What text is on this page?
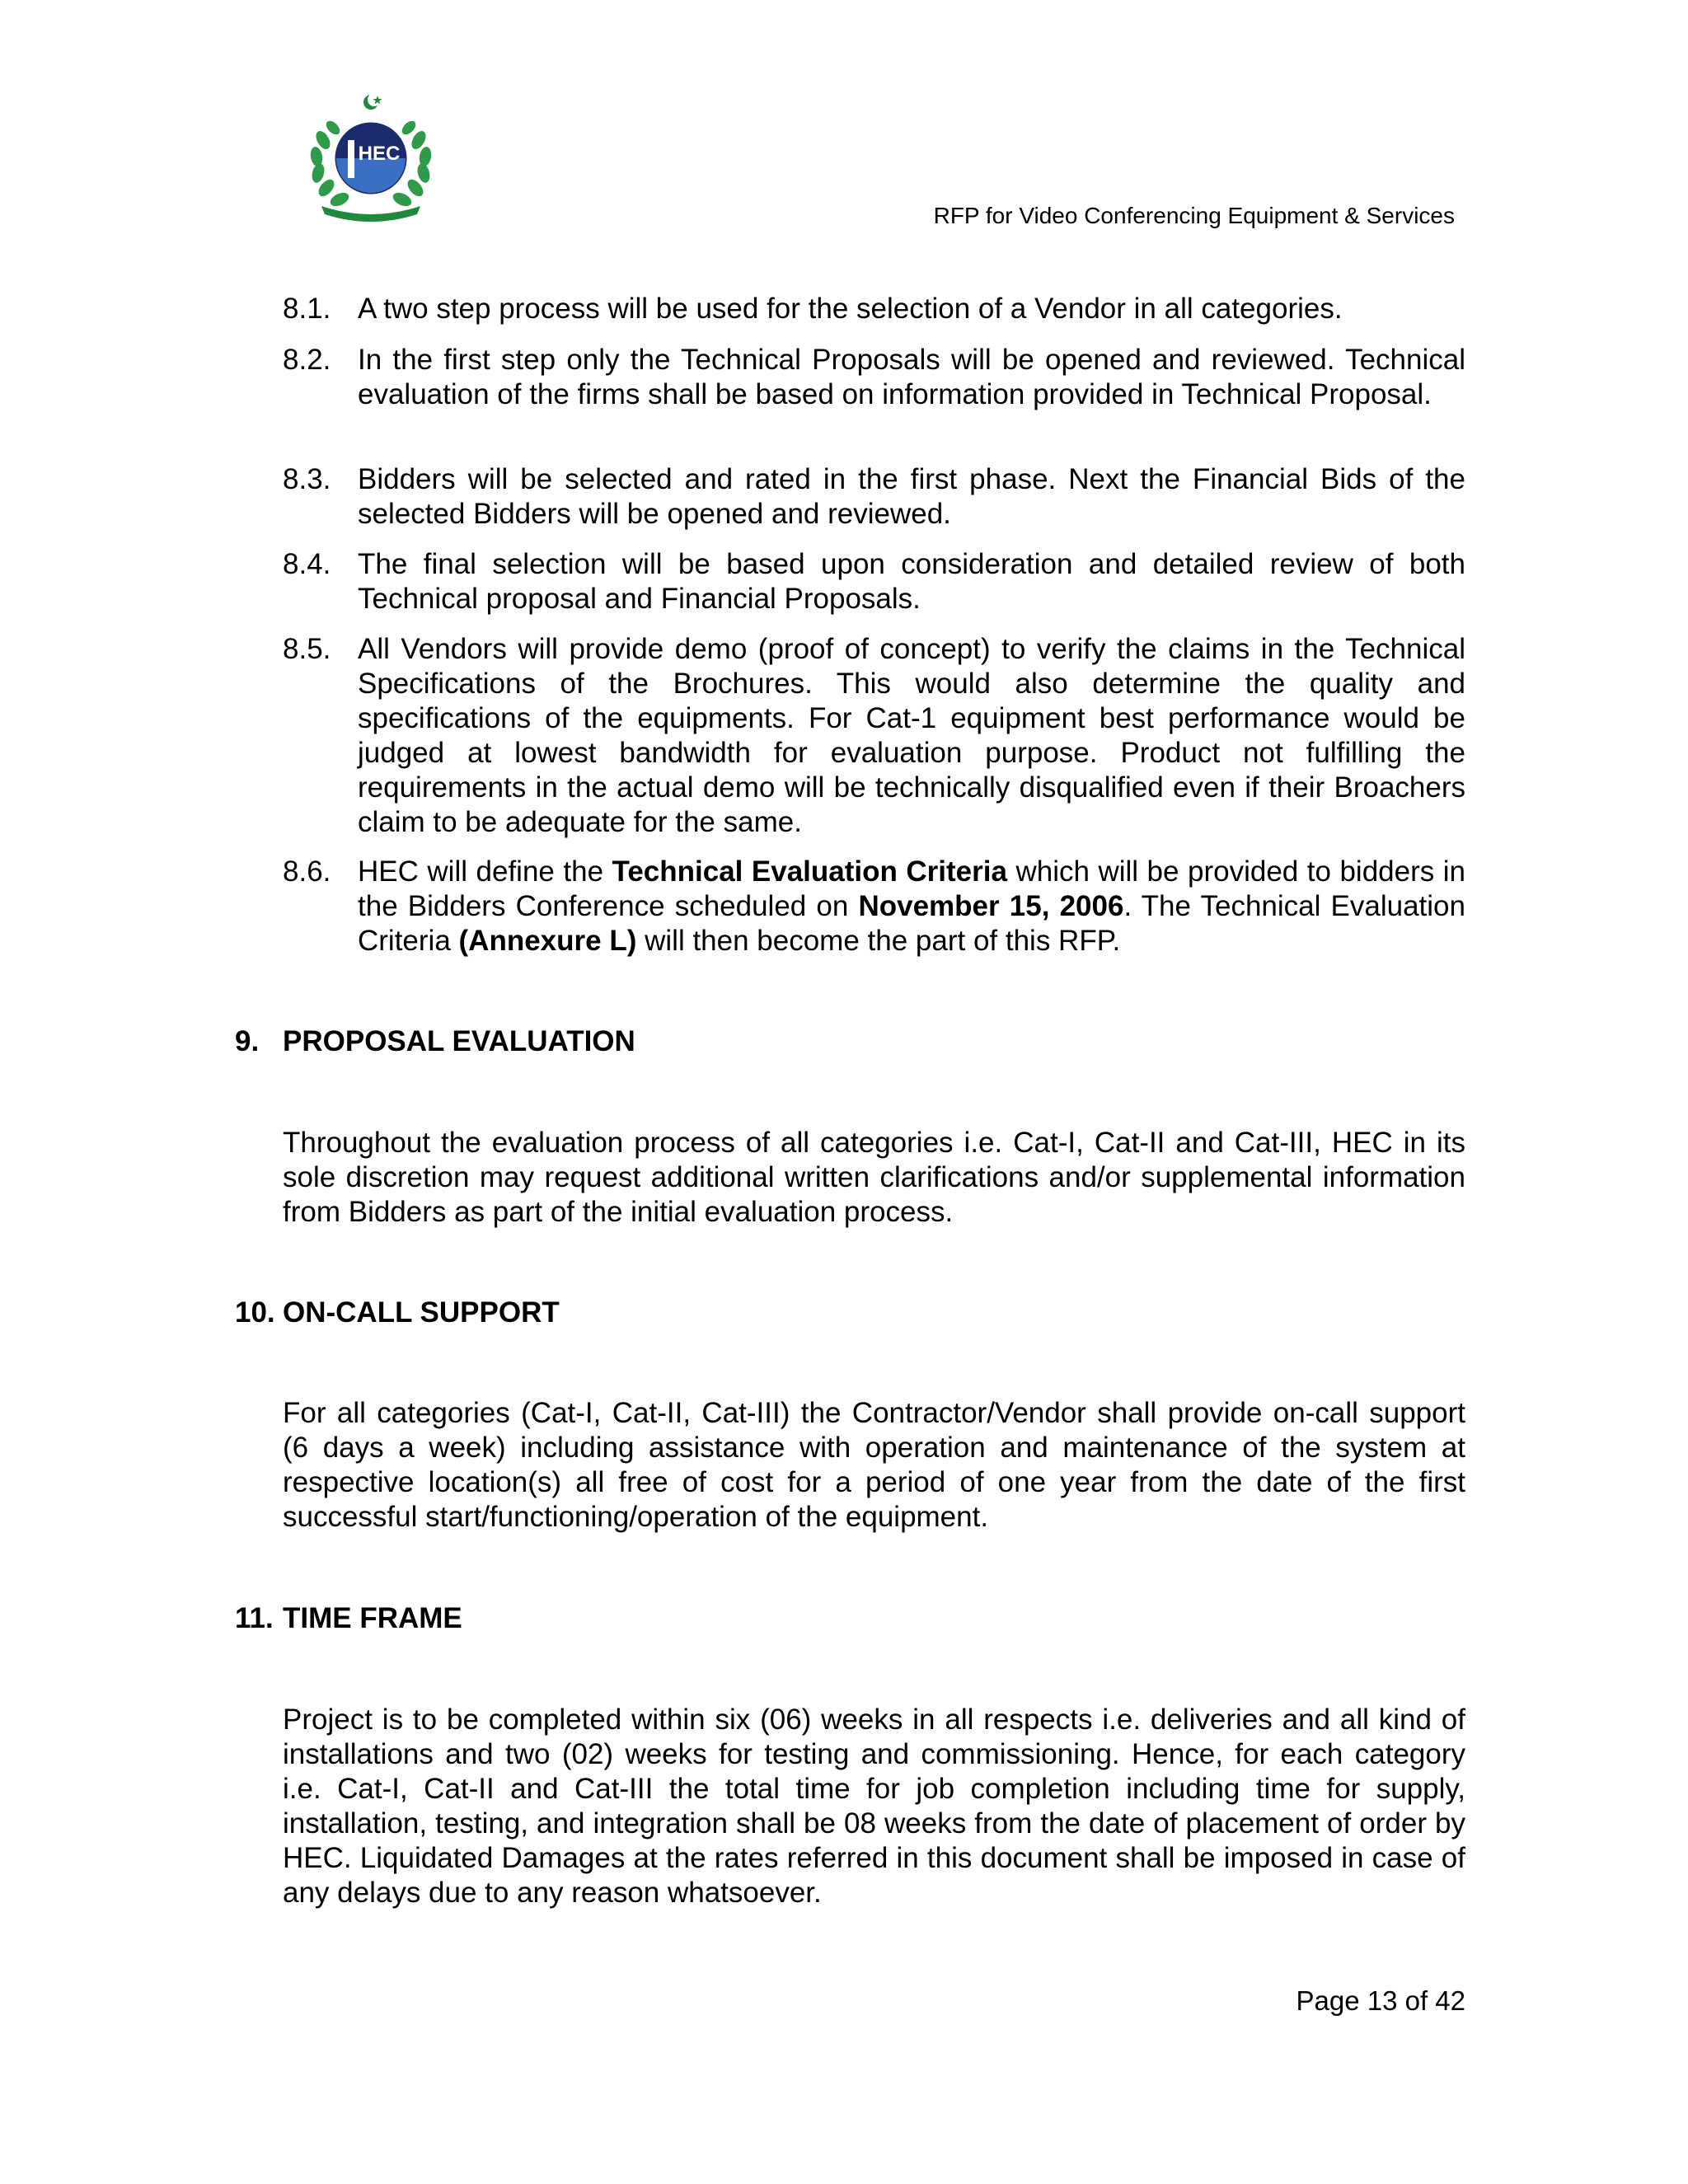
HEC
RFP for Video Conferencing Equipment & Services
8.1. A two step process will be used for the selection of a Vendor in all categories.
8.2. In the first step only the Technical Proposals will be opened and reviewed. Technical evaluation of the firms shall be based on information provided in Technical Proposal.
8.3. Bidders will be selected and rated in the first phase. Next the Financial Bids of the selected Bidders will be opened and reviewed.
8.4. The final selection will be based upon consideration and detailed review of both Technical proposal and Financial Proposals.
8.5. All Vendors will provide demo (proof of concept) to verify the claims in the Technical Specifications of the Brochures. This would also determine the quality and specifications of the equipments. For Cat-1 equipment best performance would be judged at lowest bandwidth for evaluation purpose. Product not fulfilling the requirements in the actual demo will be technically disqualified even if their Broachers claim to be adequate for the same.
8.6. HEC will define the Technical Evaluation Criteria which will be provided to bidders in the Bidders Conference scheduled on November 15, 2006. The Technical Evaluation Criteria (Annexure L) will then become the part of this RFP.
9. PROPOSAL EVALUATION
Throughout the evaluation process of all categories i.e. Cat-I, Cat-II and Cat-III, HEC in its sole discretion may request additional written clarifications and/or supplemental information from Bidders as part of the initial evaluation process.
10. ON-CALL SUPPORT
For all categories (Cat-I, Cat-II, Cat-III) the Contractor/Vendor shall provide on-call support (6 days a week) including assistance with operation and maintenance of the system at respective location(s) all free of cost for a period of one year from the date of the first successful start/functioning/operation of the equipment.
11. TIME FRAME
Project is to be completed within six (06) weeks in all respects i.e. deliveries and all kind of installations and two (02) weeks for testing and commissioning. Hence, for each category i.e. Cat-I, Cat-II and Cat-III the total time for job completion including time for supply, installation, testing, and integration shall be 08 weeks from the date of placement of order by HEC. Liquidated Damages at the rates referred in this document shall be imposed in case of any delays due to any reason whatsoever.
Page 13 of 42
